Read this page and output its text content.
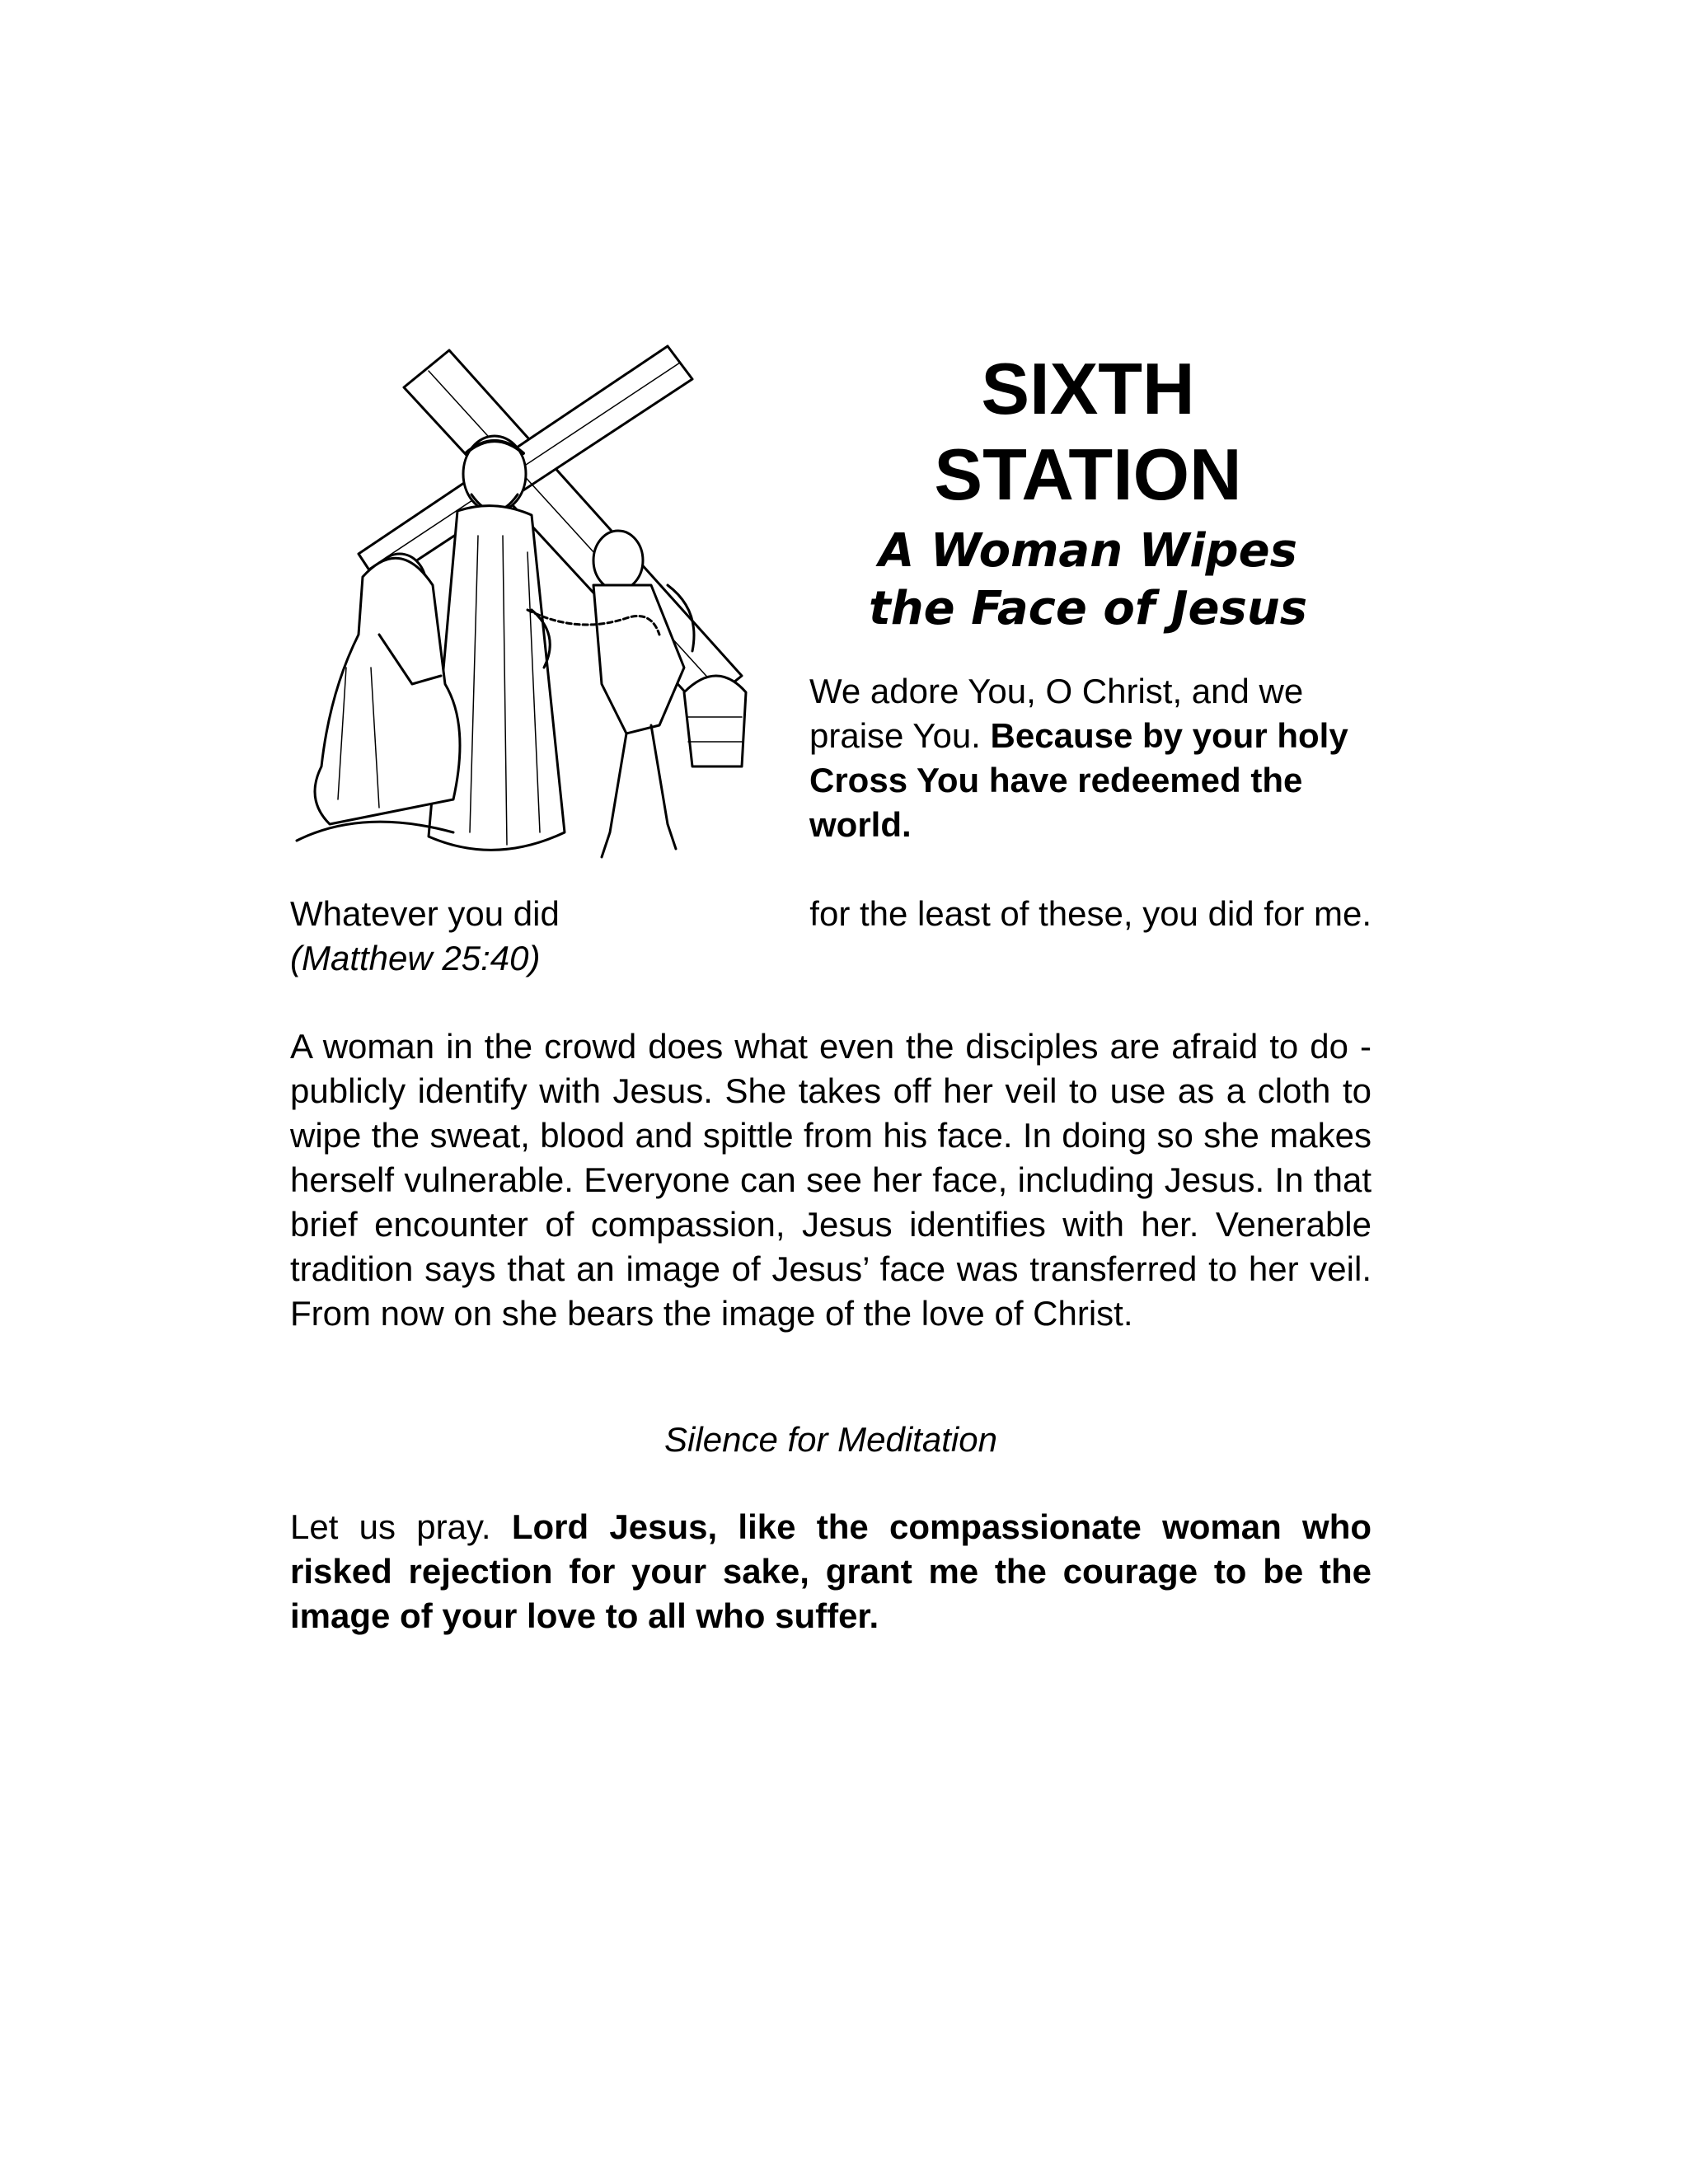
SIXTH

STATION

A Woman Wipes

the Face of Jesus

We adore You, O Christ, and we praise You. Because by your holy Cross You have redeemed the world.
Whatever you did	for the least of these, you did for me.
(Matthew 25:40)
A woman in the crowd does what even the disciples are afraid to do - publicly identify with Jesus. She takes off her veil to use as a cloth to wipe the sweat, blood and spittle from his face. In doing so she makes herself vulnerable. Everyone can see her face, including Jesus. In that brief encounter of compassion, Jesus identifies with her. Venerable tradition says that an image of Jesus’ face was transferred to her veil. From now on she bears the image of the love of Christ.
Silence for Meditation
Let us pray. Lord Jesus, like the compassionate woman who risked rejection for your sake, grant me the courage to be the image of your love to all who suffer.
